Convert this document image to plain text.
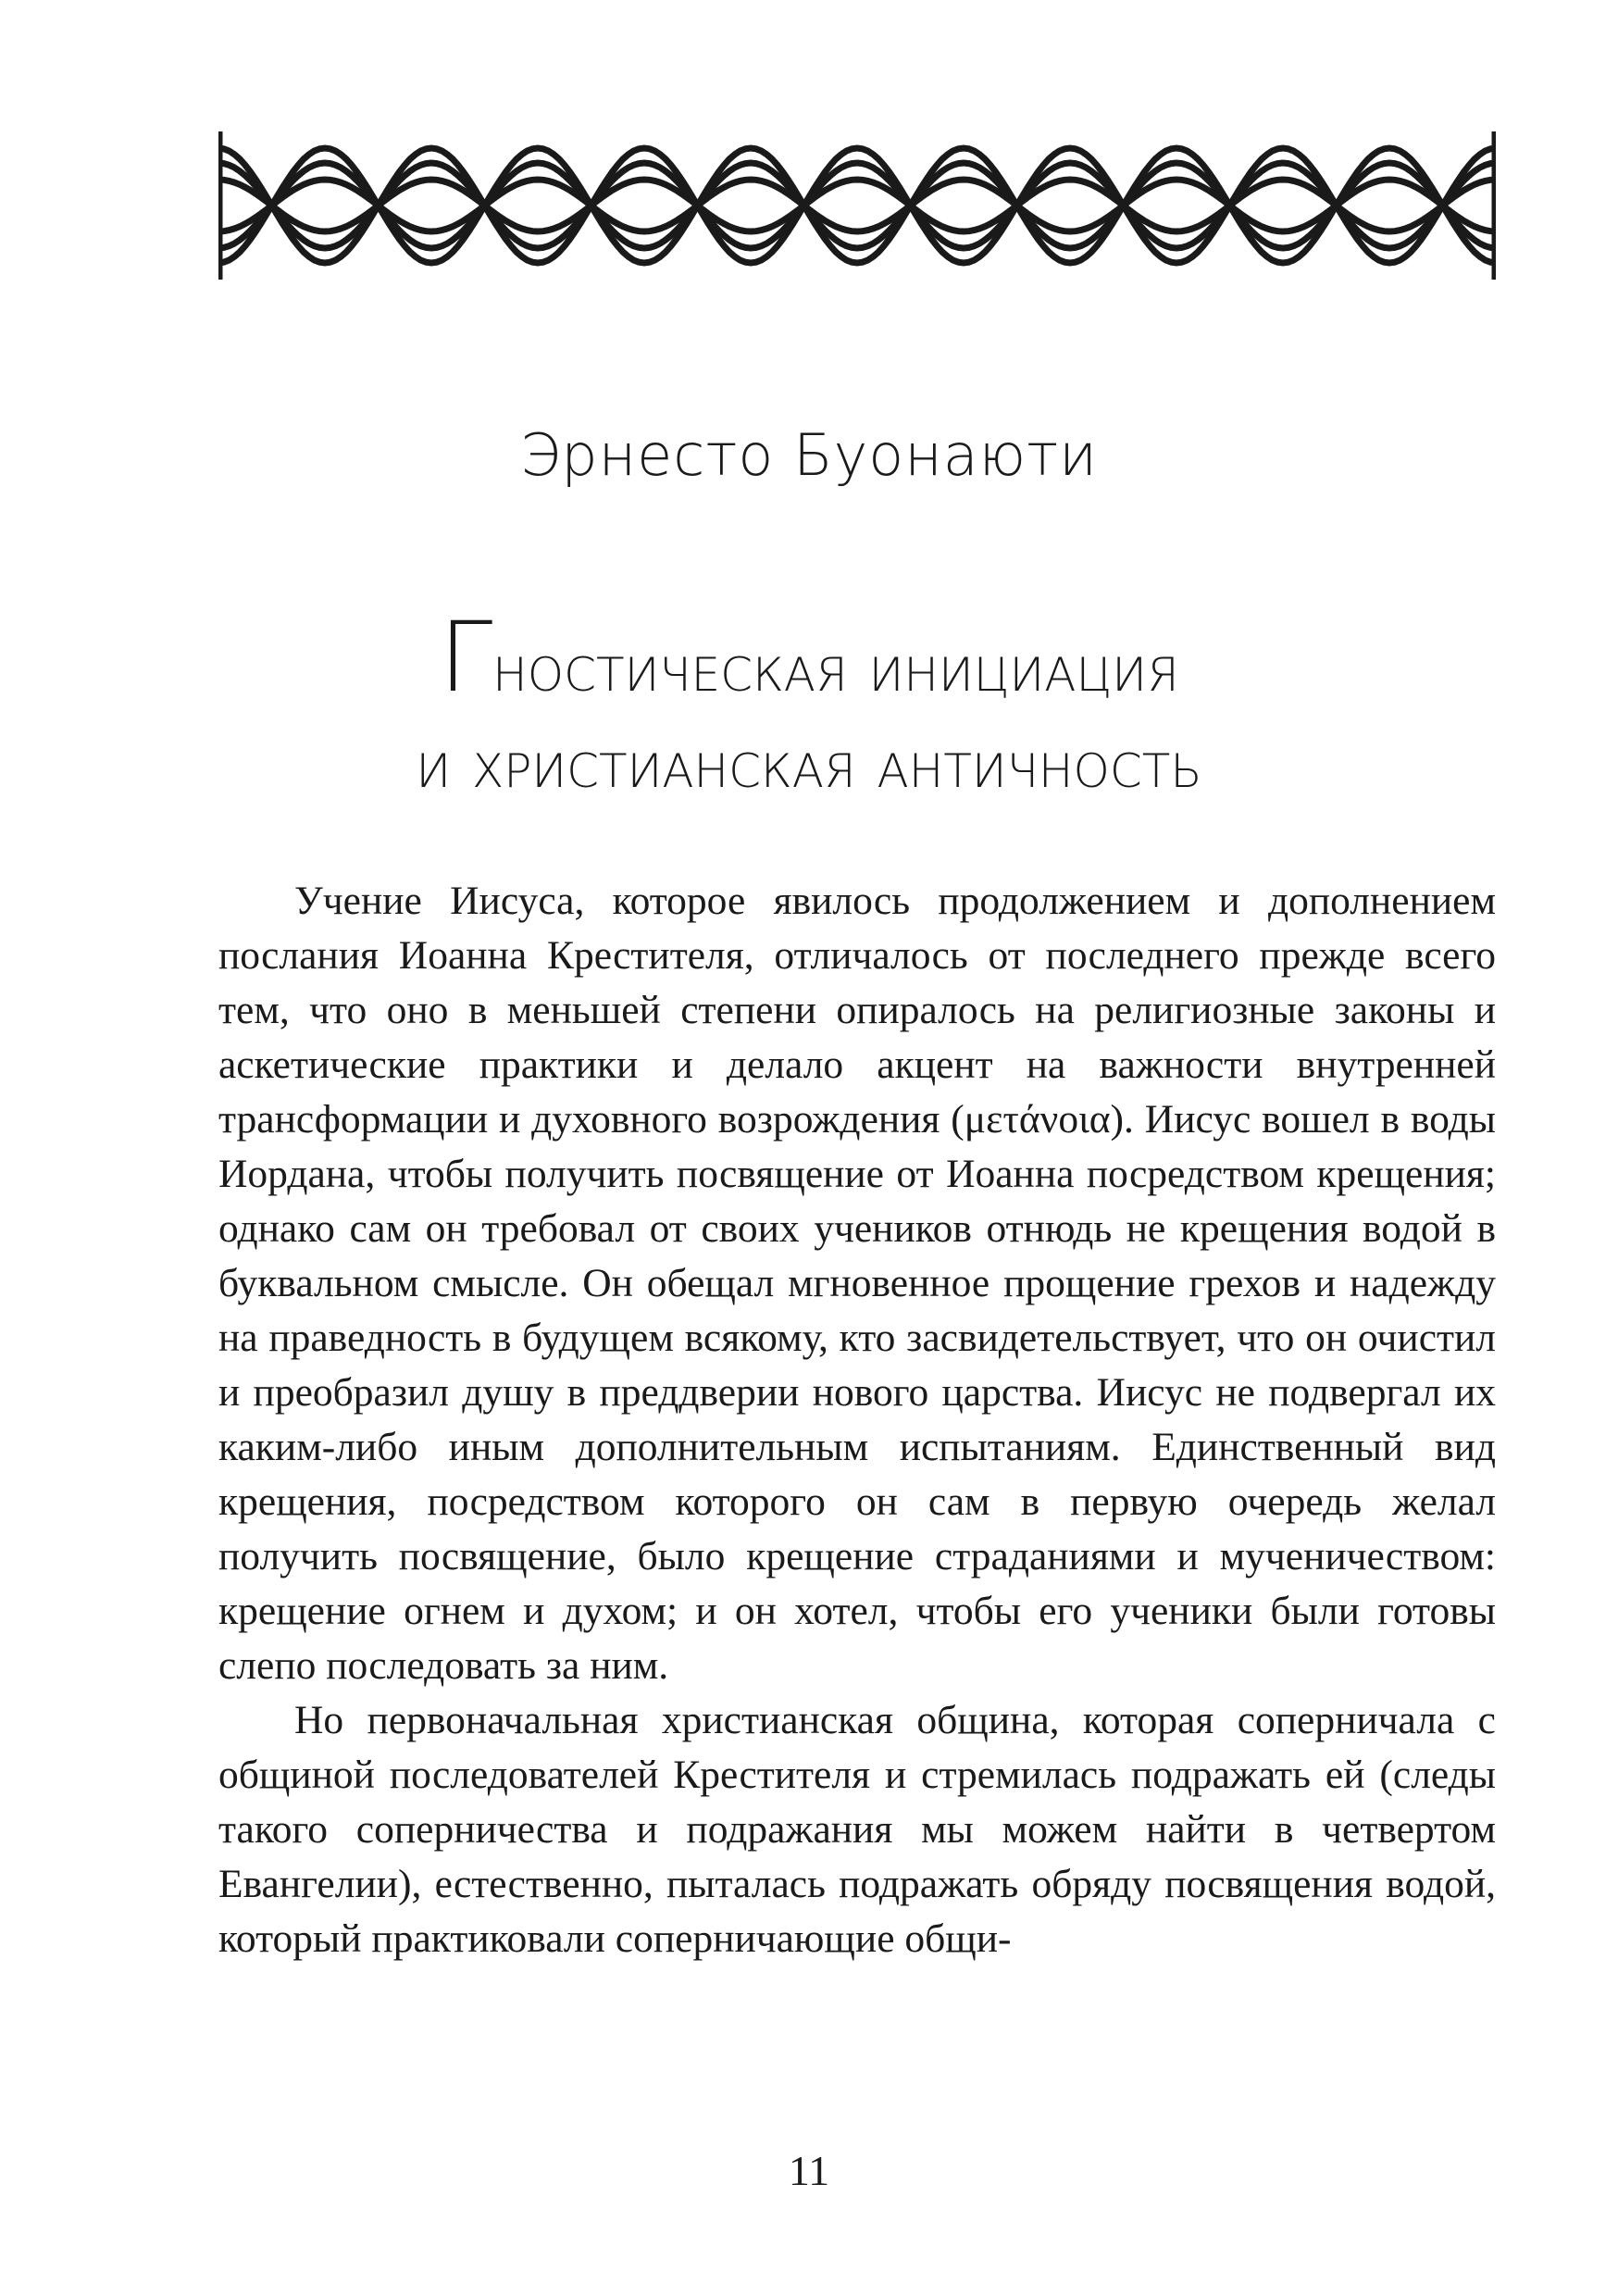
Эрнесто Буонаюти
Гностическая инициация
и христианская античность

Учение Иисуса, которое явилось продолжением и дополнением послания Иоанна Крестителя, отличалось от последнего прежде всего тем, что оно в меньшей степени опиралось на религиозные законы и аскетические практики и делало акцент на важности внутренней трансформации и духовного возрождения (μετάνοια). Иисус вошел в воды Иордана, чтобы получить посвящение от Иоанна посредством крещения; однако сам он требовал от своих учеников отнюдь не крещения водой в буквальном смысле. Он обещал мгновенное прощение грехов и надежду на праведность в будущем всякому, кто засвидетельствует, что он очистил и преобразил душу в преддверии нового царства. Иисус не подвергал их каким-либо иным дополнительным испытаниям. Единственный вид крещения, посредством которого он сам в первую очередь желал получить посвящение, было крещение страданиями и мученичеством: крещение огнем и духом; и он хотел, чтобы его ученики были готовы слепо последовать за ним.

Но первоначальная христианская община, которая соперничала с общиной последователей Крестителя и стремилась подражать ей (следы такого соперничества и подражания мы можем найти в четвертом Евангелии), естественно, пыталась подражать обряду посвящения водой, который практиковали соперничающие общи-

11
